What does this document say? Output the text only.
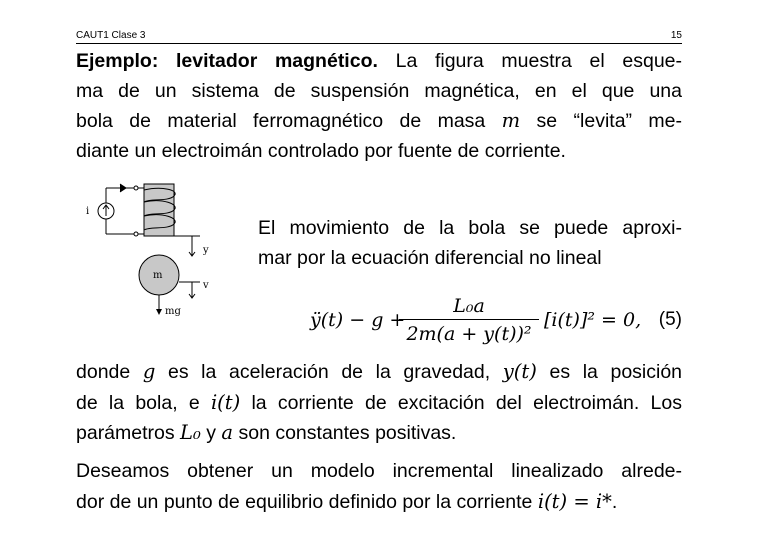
CAUT1 Clase 3	15
Ejemplo: levitador magnético. La figura muestra el esque-
ma de un sistema de suspensión magnética, en el que una
bola de material ferromagnético de masa m se “levita” me-
diante un electroimán controlado por fuente de corriente.
i
m
y
v
mg
El movimiento de la bola se puede aproxi-
mar por la ecuación diferencial no lineal
ÿ(t) − g +
$\frac{\text{L₀a}}{\text{2m(a + y(t))²}} [i(t)]^2 = 0$, (5)
donde g es la aceleración de la gravedad, y(t) es la posición
de la bola, e i(t) la corriente de excitación del electroimán. Los
parámetros L₀ y a son constantes positivas.
Deseamos obtener un modelo incremental linealizado alrede-
dor de un punto de equilibrio definido por la corriente i(t) = i*.
